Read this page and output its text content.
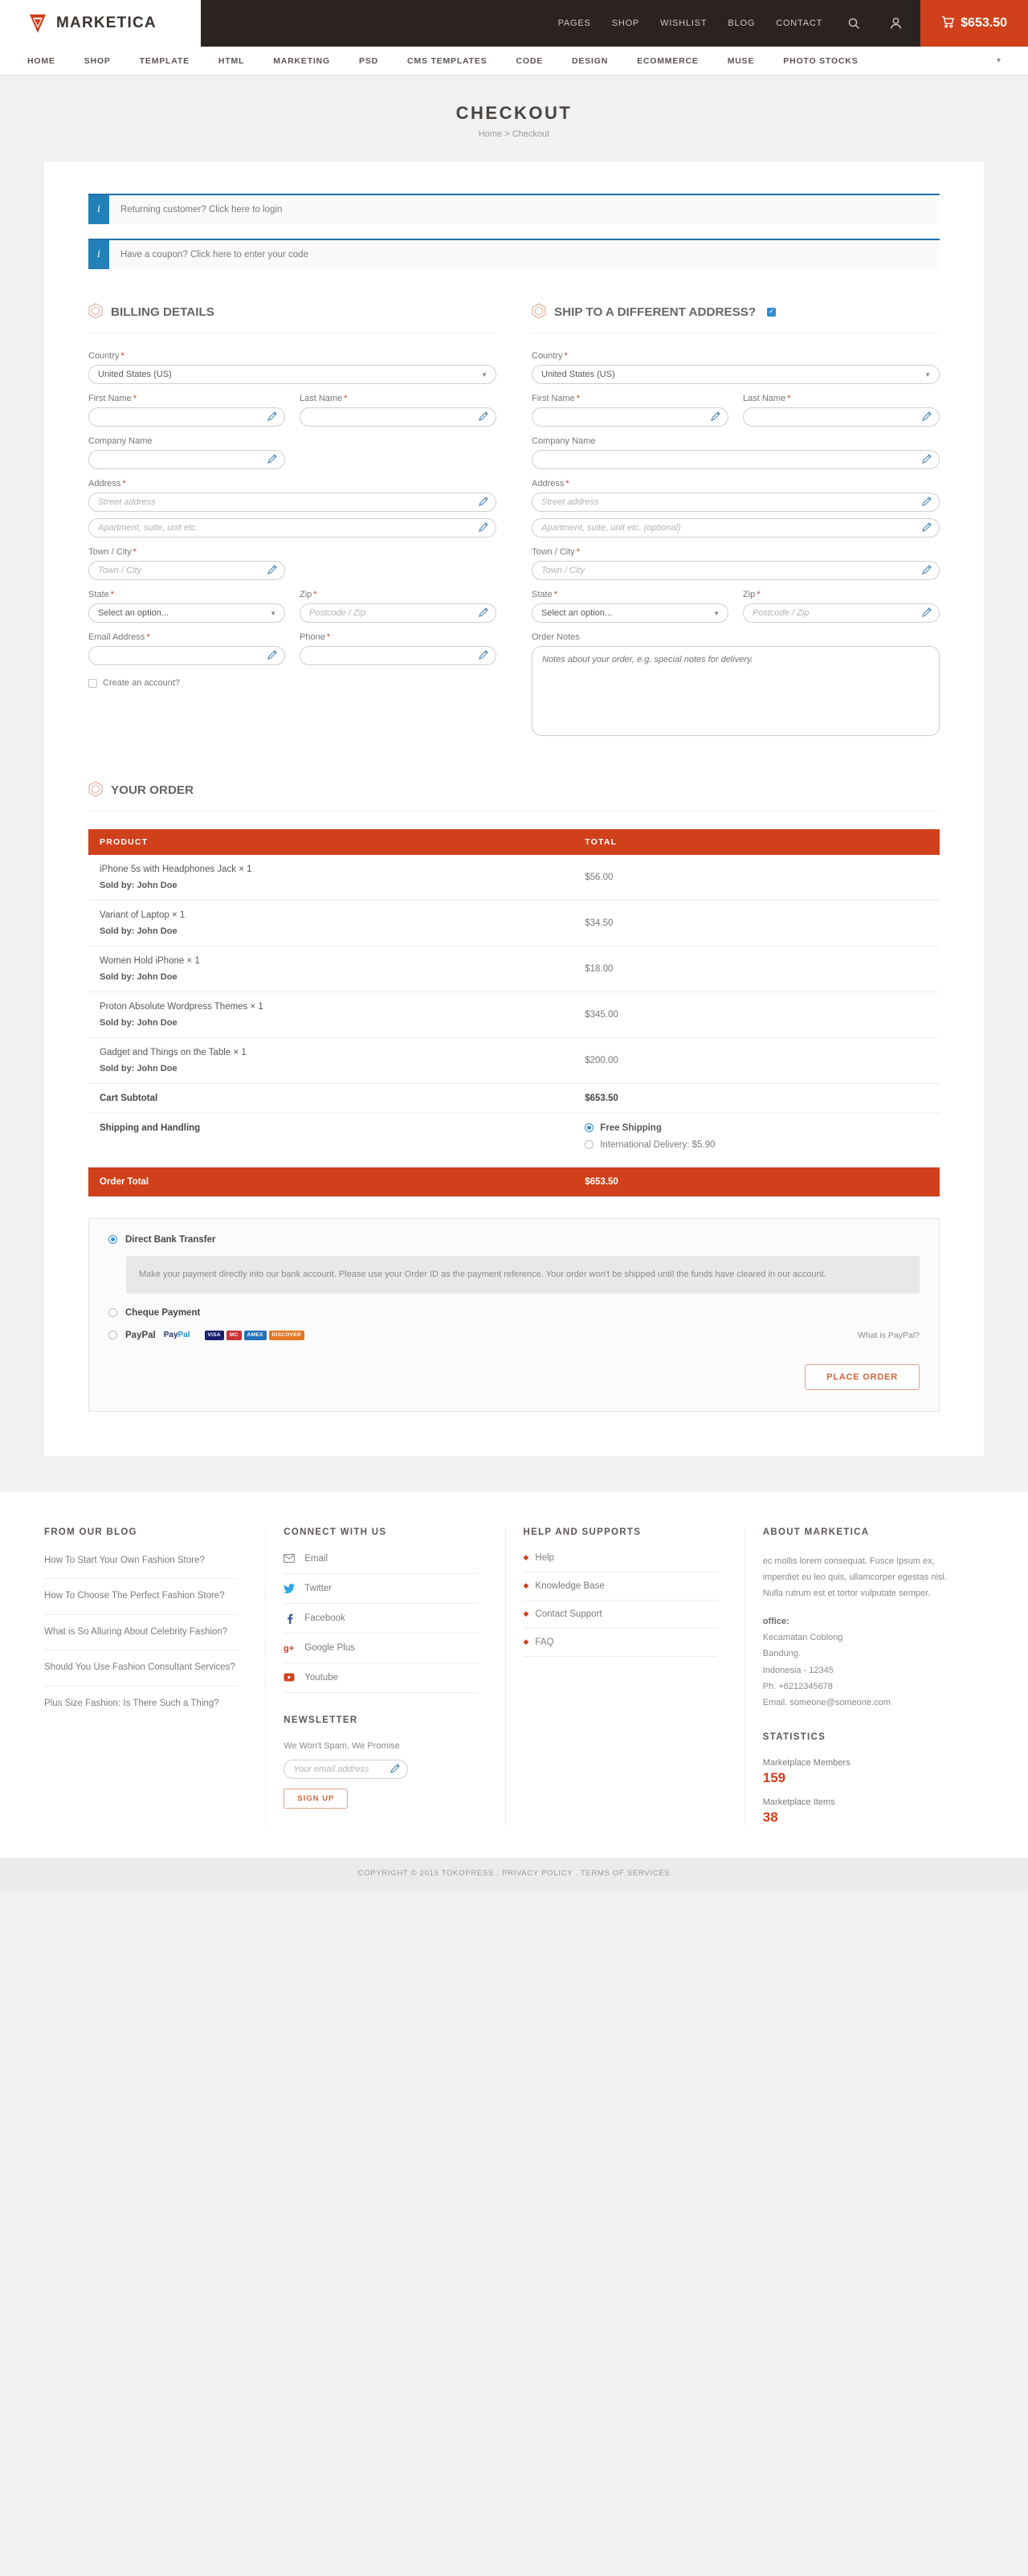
MARKETICA	PAGES SHOP WISHLIST BLOG CONTACT	$653.50
HOME	SHOP	TEMPLATE	HTML	MARKETING	PSD	CMS TEMPLATES	CODE	DESIGN	ECOMMERCE	MUSE	PHOTO STOCKS	▾
CHECKOUT
Home > Checkout
i	Returning customer? Click here to login
i	Have a coupon? Click here to enter your code
BILLING DETAILS
Country *
United States (US)
▼
First Name *	Last Name *
Company Name
Address *
Street address
Apartment, suite, unit etc.
Town / City *
Town / City
State *
Select an option...
▼
Zip *
Postcode / Zip
Email Address *	Phone *
Create an account?
SHIP TO A DIFFERENT ADDRESS?
✓
Country *
United States (US)
▼
First Name *	Last Name *
Company Name
Address *
Street address
Apartment, suite, unit etc. (optional)
Town / City *
Town / City
State *
Select an option...
▼
Zip *
Postcode / Zip
Order Notes
Notes about your order, e.g. special notes for delivery.
YOUR ORDER
PRODUCT	TOTAL

iPhone 5s with Headphones Jack × 1
Sold by: John Doe	$56.00

Variant of Laptop × 1
Sold by: John Doe	$34.50

Women Hold iPhone × 1
Sold by: John Doe	$18.00

Proton Absolute Wordpress Themes × 1
Sold by: John Doe	$345.00

Gadget and Things on the Table × 1
Sold by: John Doe	$200.00
Cart Subtotal	$653.50
Shipping and Handling	Free Shipping
International Delivery: $5.90

Order Total	$653.50
Direct Bank Transfer
Make your payment directly into our bank account. Please use your Order ID as the payment reference. Your order won't be shipped until the funds have cleared in our account.
Cheque Payment
PayPal PayPal	VISA	MC	AMEX	DISCOVER	What is PayPal?
PLACE ORDER
FROM OUR BLOG
How To Start Your Own Fashion Store?
How To Choose The Perfect Fashion Store?
What is So Alluring About Celebrity Fashion?
Should You Use Fashion Consultant Services?
Plus Size Fashion: Is There Such a Thing?
CONNECT WITH US
Email
Twitter
Facebook
g+ Google Plus
Youtube
NEWSLETTER
We Won't Spam, We Promise
Your email address
SIGN UP
HELP AND SUPPORTS
◆ Help
◆ Knowledge Base
◆ Contact Support
◆ FAQ
ABOUT MARKETICA
ec mollis lorem consequat. Fusce Ipsum ex, imperdiet eu leo quis, ullamcorper egestas nisl. Nulla rutrum est et tortor vulputate semper.
office:
Kecamatan Coblong
Bandung.
Indonesia - 12345
Ph. +6212345678
Email. someone@someone.com
STATISTICS
Marketplace Members
159
Marketplace Items
38
COPYRIGHT © 2015 TOKOPRESS . PRIVACY POLICY . TERMS OF SERVICES
